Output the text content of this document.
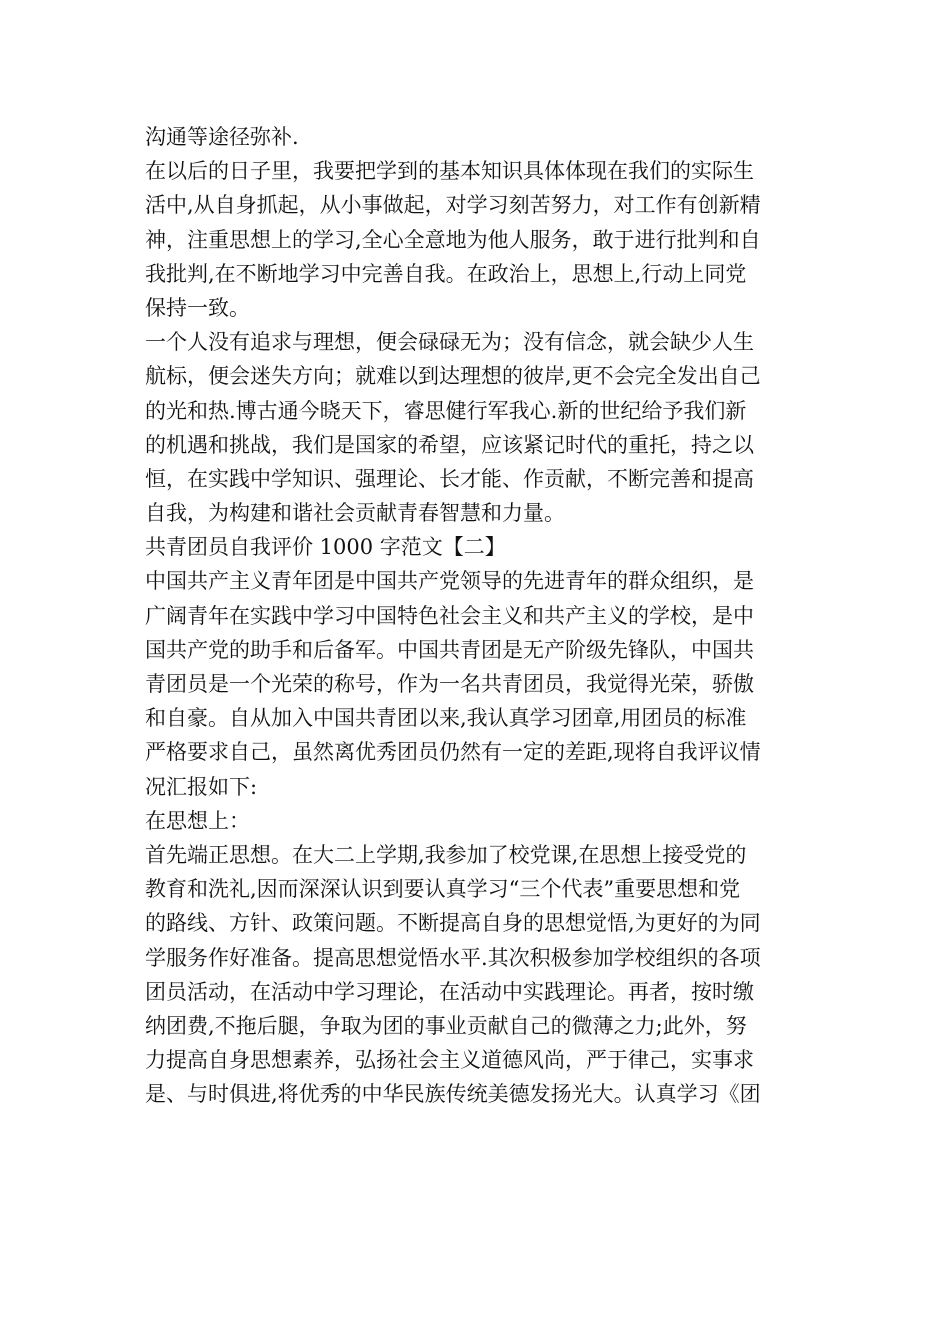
沟通等途径弥补.
在以后的日子里，我要把学到的基本知识具体体现在我们的实际生
活中,从自身抓起，从小事做起，对学习刻苦努力，对工作有创新精
神，注重思想上的学习,全心全意地为他人服务，敢于进行批判和自
我批判,在不断地学习中完善自我。在政治上，思想上,行动上同党
保持一致。
一个人没有追求与理想，便会碌碌无为；没有信念，就会缺少人生
航标，便会迷失方向；就难以到达理想的彼岸,更不会完全发出自己
的光和热.博古通今晓天下，睿思健行军我心.新的世纪给予我们新
的机遇和挑战，我们是国家的希望，应该紧记时代的重托，持之以
恒，在实践中学知识、强理论、长才能、作贡献，不断完善和提高
自我，为构建和谐社会贡献青春智慧和力量。
共青团员自我评价 1000 字范文【二】
中国共产主义青年团是中国共产党领导的先进青年的群众组织，是
广阔青年在实践中学习中国特色社会主义和共产主义的学校，是中
国共产党的助手和后备军。中国共青团是无产阶级先锋队，中国共
青团员是一个光荣的称号，作为一名共青团员，我觉得光荣，骄傲
和自豪。自从加入中国共青团以来,我认真学习团章,用团员的标准
严格要求自己，虽然离优秀团员仍然有一定的差距,现将自我评议情
况汇报如下:
在思想上：
首先端正思想。在大二上学期,我参加了校党课,在思想上接受党的
教育和洗礼,因而深深认识到要认真学习“三个代表”重要思想和党
的路线、方针、政策问题。不断提高自身的思想觉悟,为更好的为同
学服务作好准备。提高思想觉悟水平.其次积极参加学校组织的各项
团员活动，在活动中学习理论，在活动中实践理论。再者，按时缴
纳团费,不拖后腿，争取为团的事业贡献自己的微薄之力;此外，努
力提高自身思想素养，弘扬社会主义道德风尚，严于律己，实事求
是、与时俱进,将优秀的中华民族传统美德发扬光大。认真学习《团
